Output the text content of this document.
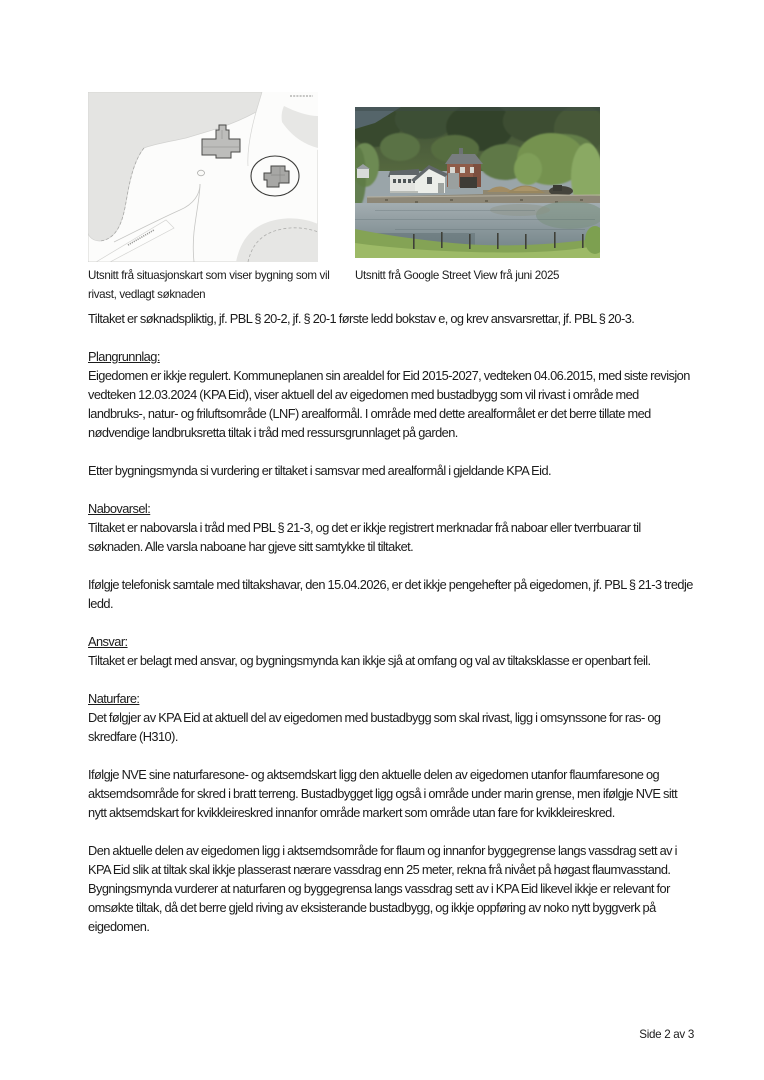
Utsnitt frå situasjonskart som viser bygning som vil rivast, vedlagt søknaden
Utsnitt frå Google Street View frå juni 2025

Tiltaket er søknadspliktig, jf. PBL § 20-2, jf. § 20-1 første ledd bokstav e, og krev ansvarsrettar, jf. PBL § 20-3.

Plangrunnlag:

Eigedomen er ikkje regulert. Kommuneplanen sin arealdel for Eid 2015-2027, vedteken 04.06.2015, med siste revisjon vedteken 12.03.2024 (KPA Eid), viser aktuell del av eigedomen med bustadbygg som vil rivast i område med landbruks-, natur- og friluftsområde (LNF) arealformål. I område med dette arealformålet er det berre tillate med nødvendige landbruksretta tiltak i tråd med ressursgrunnlaget på garden.

Etter bygningsmynda si vurdering er tiltaket i samsvar med arealformål i gjeldande KPA Eid.

Nabovarsel:

Tiltaket er nabovarsla i tråd med PBL § 21-3, og det er ikkje registrert merknadar frå naboar eller tverrbuarar til søknaden. Alle varsla naboane har gjeve sitt samtykke til tiltaket.

Ifølgje telefonisk samtale med tiltakshavar, den 15.04.2026, er det ikkje pengehefter på eigedomen, jf. PBL § 21-3 tredje ledd.

Ansvar:

Tiltaket er belagt med ansvar, og bygningsmynda kan ikkje sjå at omfang og val av tiltaksklasse er openbart feil.

Naturfare:

Det følgjer av KPA Eid at aktuell del av eigedomen med bustadbygg som skal rivast, ligg i omsynssone for ras- og skredfare (H310).

Ifølgje NVE sine naturfaresone- og aktsemdskart ligg den aktuelle delen av eigedomen utanfor flaumfaresone og aktsemdsområde for skred i bratt terreng. Bustadbygget ligg også i område under marin grense, men ifølgje NVE sitt nytt aktsemdskart for kvikkleireskred innanfor område markert som område utan fare for kvikkleireskred.

Den aktuelle delen av eigedomen ligg i aktsemdsområde for flaum og innanfor byggegrense langs vassdrag sett av i KPA Eid slik at tiltak skal ikkje plasserast nærare vassdrag enn 25 meter, rekna frå nivået på høgast flaumvasstand. Bygningsmynda vurderer at naturfaren og byggegrensa langs vassdrag sett av i KPA Eid likevel ikkje er relevant for omsøkte tiltak, då det berre gjeld riving av eksisterande bustadbygg, og ikkje oppføring av noko nytt byggverk på eigedomen.

Side 2 av 3
